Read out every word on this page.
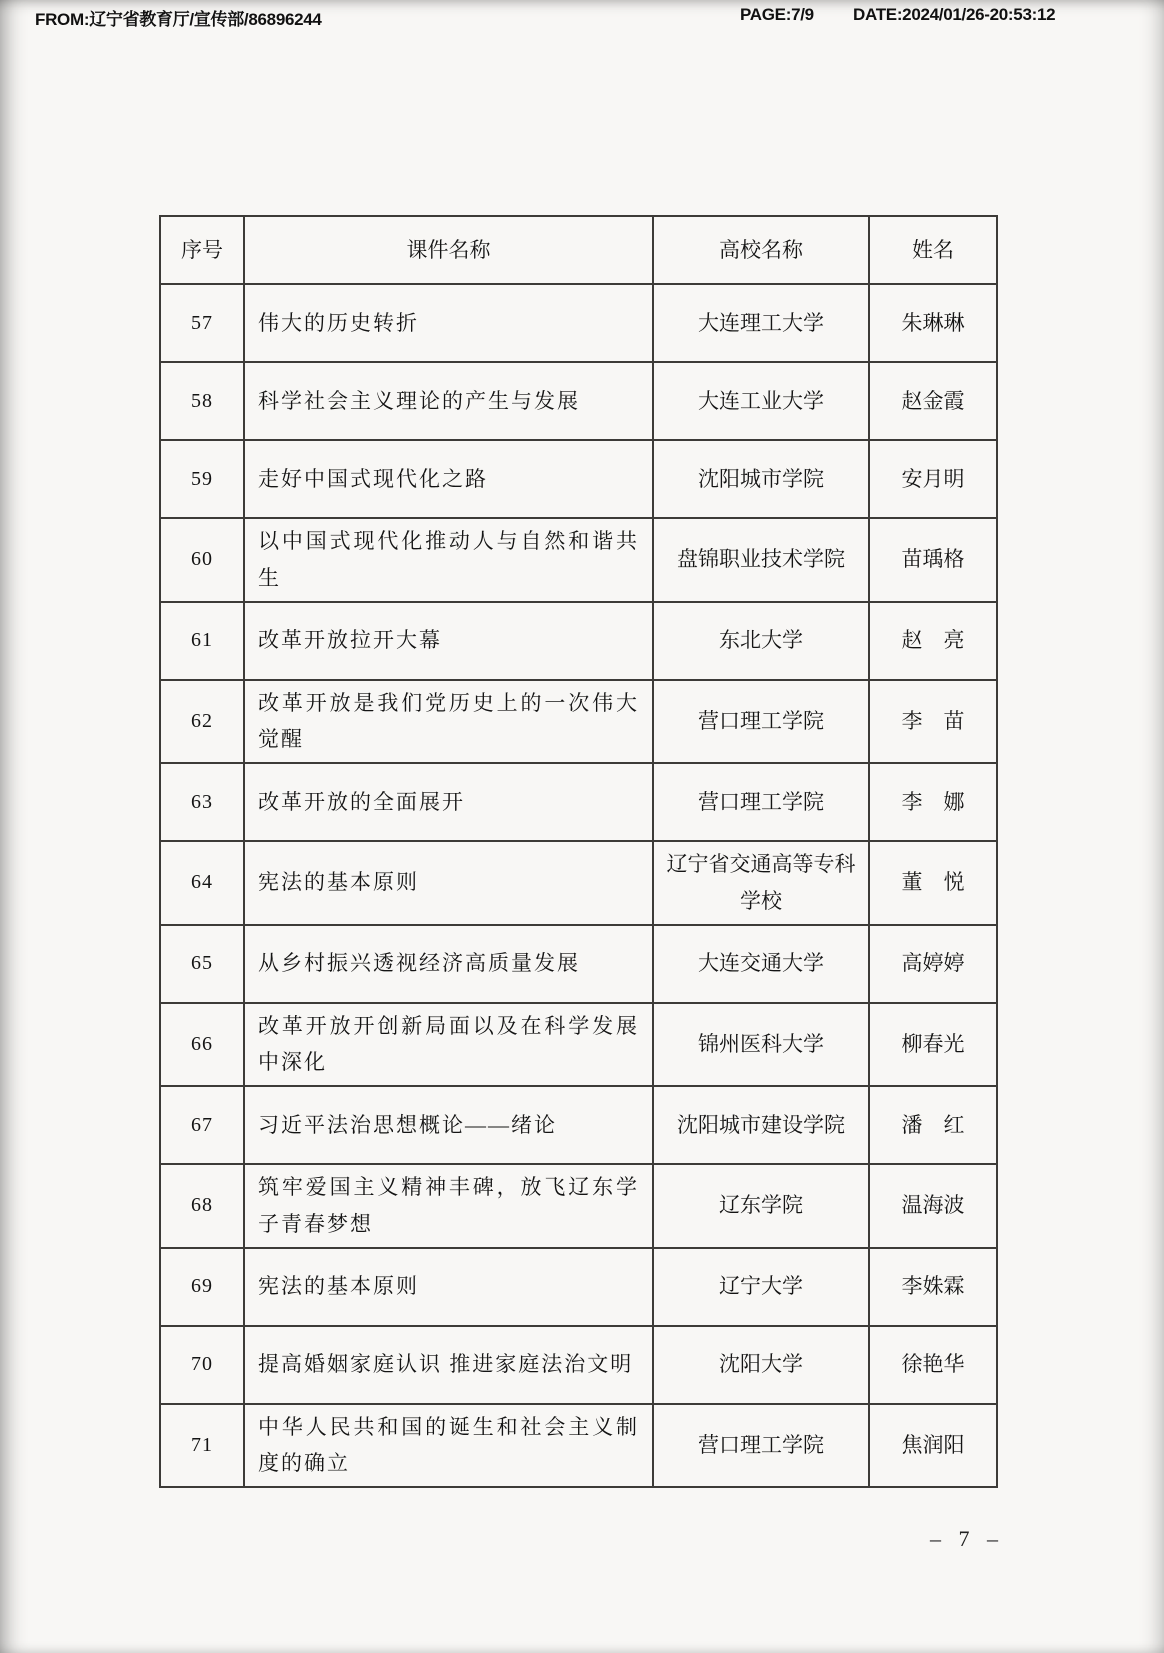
FROM:辽宁省教育厅/宣传部/86896244	PAGE:7/9 DATE:2024/01/26-20:53:12
序号	课件名称	高校名称	姓名
57	伟大的历史转折	大连理工大学	朱琳琳
58	科学社会主义理论的产生与发展	大连工业大学	赵金霞
59	走好中国式现代化之路	沈阳城市学院	安月明
60	以中国式现代化推动人与自然和谐共生	盘锦职业技术学院	苗瑀格
61	改革开放拉开大幕	东北大学	赵　亮
62	改革开放是我们党历史上的一次伟大觉醒	营口理工学院	李　苗
63	改革开放的全面展开	营口理工学院	李　娜
64	宪法的基本原则	辽宁省交通高等专科学校	董　悦
65	从乡村振兴透视经济高质量发展	大连交通大学	高婷婷
66	改革开放开创新局面以及在科学发展中深化	锦州医科大学	柳春光
67	习近平法治思想概论——绪论	沈阳城市建设学院	潘　红
68	筑牢爱国主义精神丰碑，放飞辽东学子青春梦想	辽东学院	温海波
69	宪法的基本原则	辽宁大学	李姝霖
70	提高婚姻家庭认识 推进家庭法治文明	沈阳大学	徐艳华
71	中华人民共和国的诞生和社会主义制度的确立	营口理工学院	焦润阳
– 7 –
